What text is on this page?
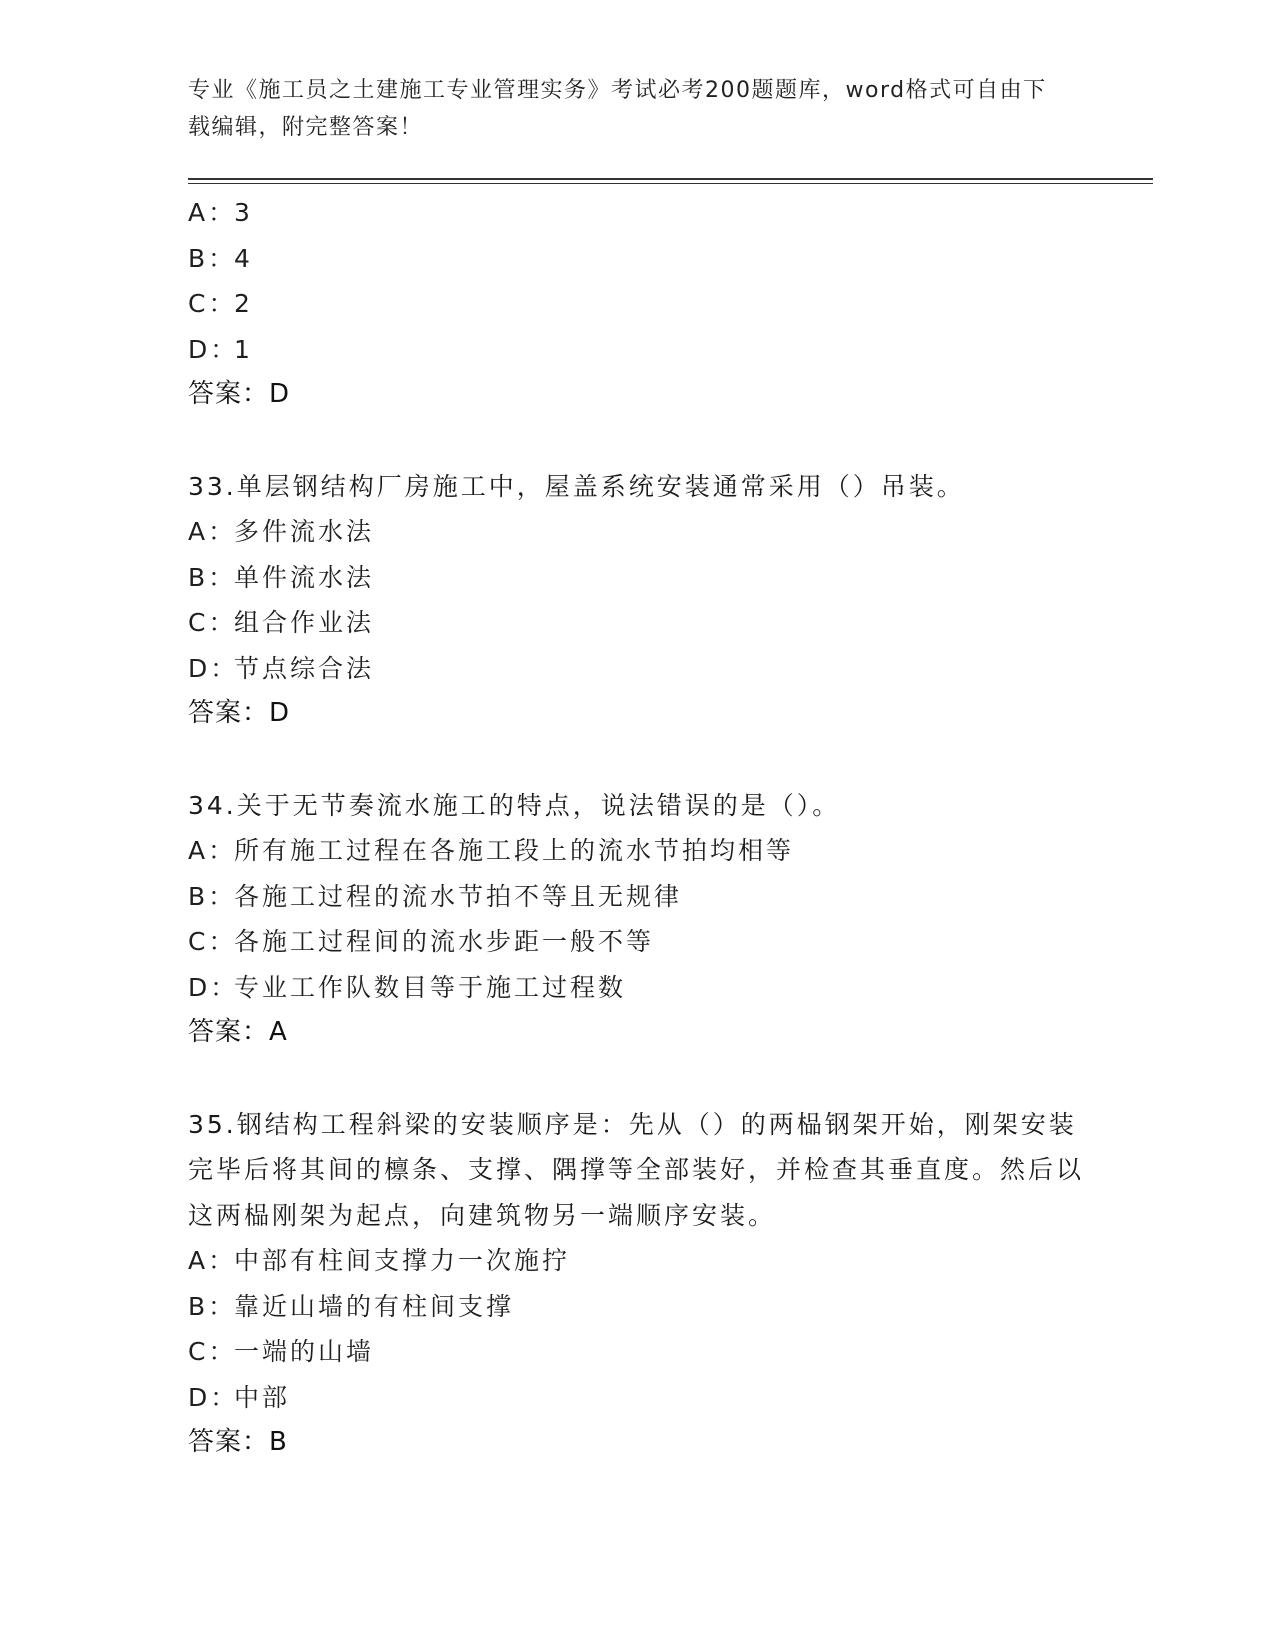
专业《施工员之土建施工专业管理实务》考试必考200题题库，word格式可自由下载编辑，附完整答案！
A：3
B：4
C：2
D：1
答案：D
33.单层钢结构厂房施工中，屋盖系统安装通常采用（）吊装。
A：多件流水法
B：单件流水法
C：组合作业法
D：节点综合法
答案：D
34.关于无节奏流水施工的特点，说法错误的是（）。
A：所有施工过程在各施工段上的流水节拍均相等
B：各施工过程的流水节拍不等且无规律
C：各施工过程间的流水步距一般不等
D：专业工作队数目等于施工过程数
答案：A
35.钢结构工程斜梁的安装顺序是：先从（）的两榀钢架开始，刚架安装完毕后将其间的檩条、支撑、隅撑等全部装好，并检查其垂直度。然后以这两榀刚架为起点，向建筑物另一端顺序安装。
A：中部有柱间支撑力一次施拧
B：靠近山墙的有柱间支撑
C：一端的山墙
D：中部
答案：B
